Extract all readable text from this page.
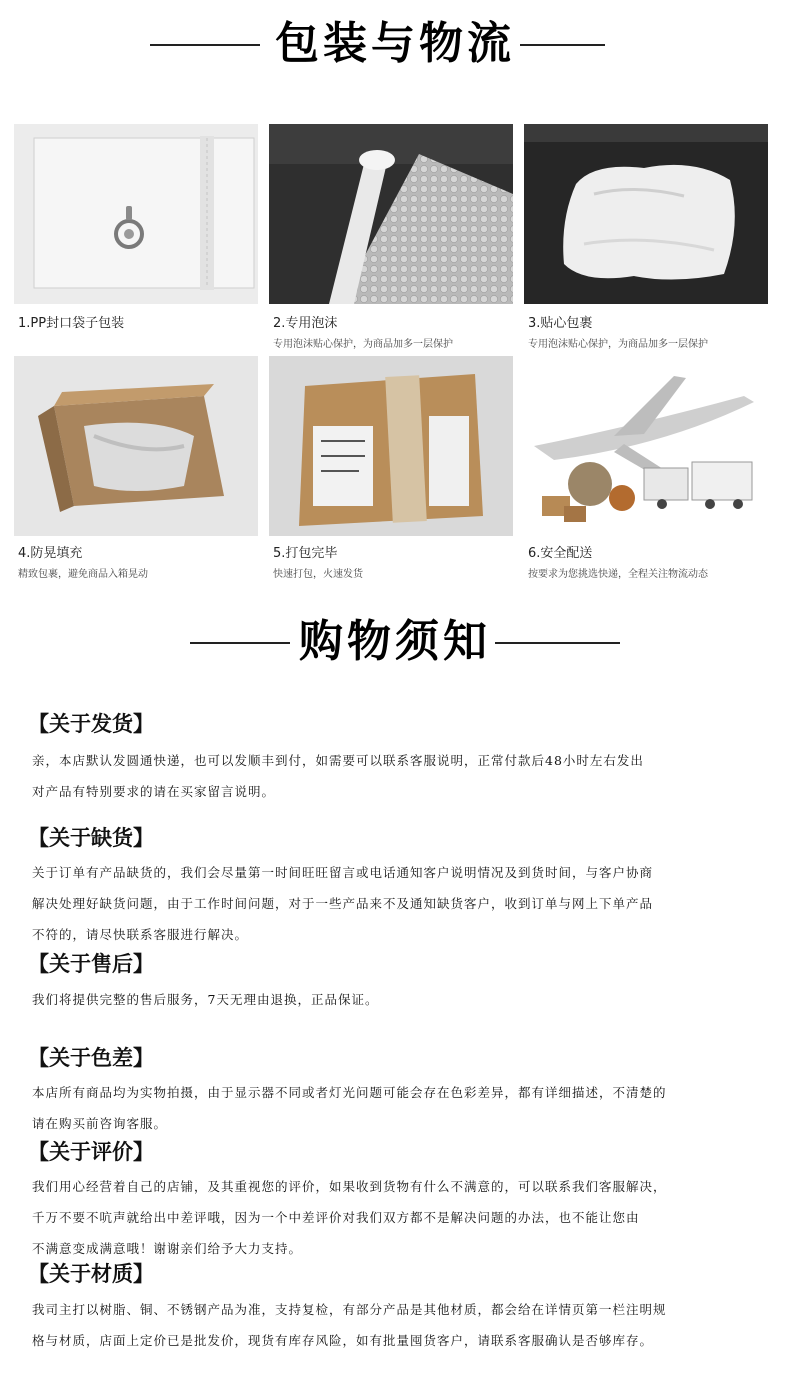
包装与物流
1.PP封口袋子包装	2.专用泡沫
专用泡沫贴心保护，为商品加多一层保护
3.贴心包裹
专用泡沫贴心保护，为商品加多一层保护
4.防晃填充
精致包裹，避免商品入箱晃动
5.打包完毕
快速打包，火速发货
6.安全配送
按要求为您挑选快递，全程关注物流动态
购物须知
【关于发货】
亲，本店默认发圆通快递，也可以发顺丰到付，如需要可以联系客服说明，正常付款后48小时左右发出
对产品有特别要求的请在买家留言说明。
【关于缺货】
关于订单有产品缺货的，我们会尽量第一时间旺旺留言或电话通知客户说明情况及到货时间，与客户协商
解决处理好缺货问题，由于工作时间问题，对于一些产品来不及通知缺货客户，收到订单与网上下单产品
不符的，请尽快联系客服进行解决。
【关于售后】
我们将提供完整的售后服务，7天无理由退换，正品保证。
【关于色差】
本店所有商品均为实物拍摄，由于显示器不同或者灯光问题可能会存在色彩差异，都有详细描述，不清楚的
请在购买前咨询客服。
【关于评价】
我们用心经营着自己的店铺，及其重视您的评价，如果收到货物有什么不满意的，可以联系我们客服解决，
千万不要不吭声就给出中差评哦，因为一个中差评价对我们双方都不是解决问题的办法，也不能让您由
不满意变成满意哦！谢谢亲们给予大力支持。
【关于材质】
我司主打以树脂、铜、不锈钢产品为准，支持复检，有部分产品是其他材质，都会给在详情页第一栏注明规
格与材质，店面上定价已是批发价，现货有库存风险，如有批量囤货客户，请联系客服确认是否够库存。
